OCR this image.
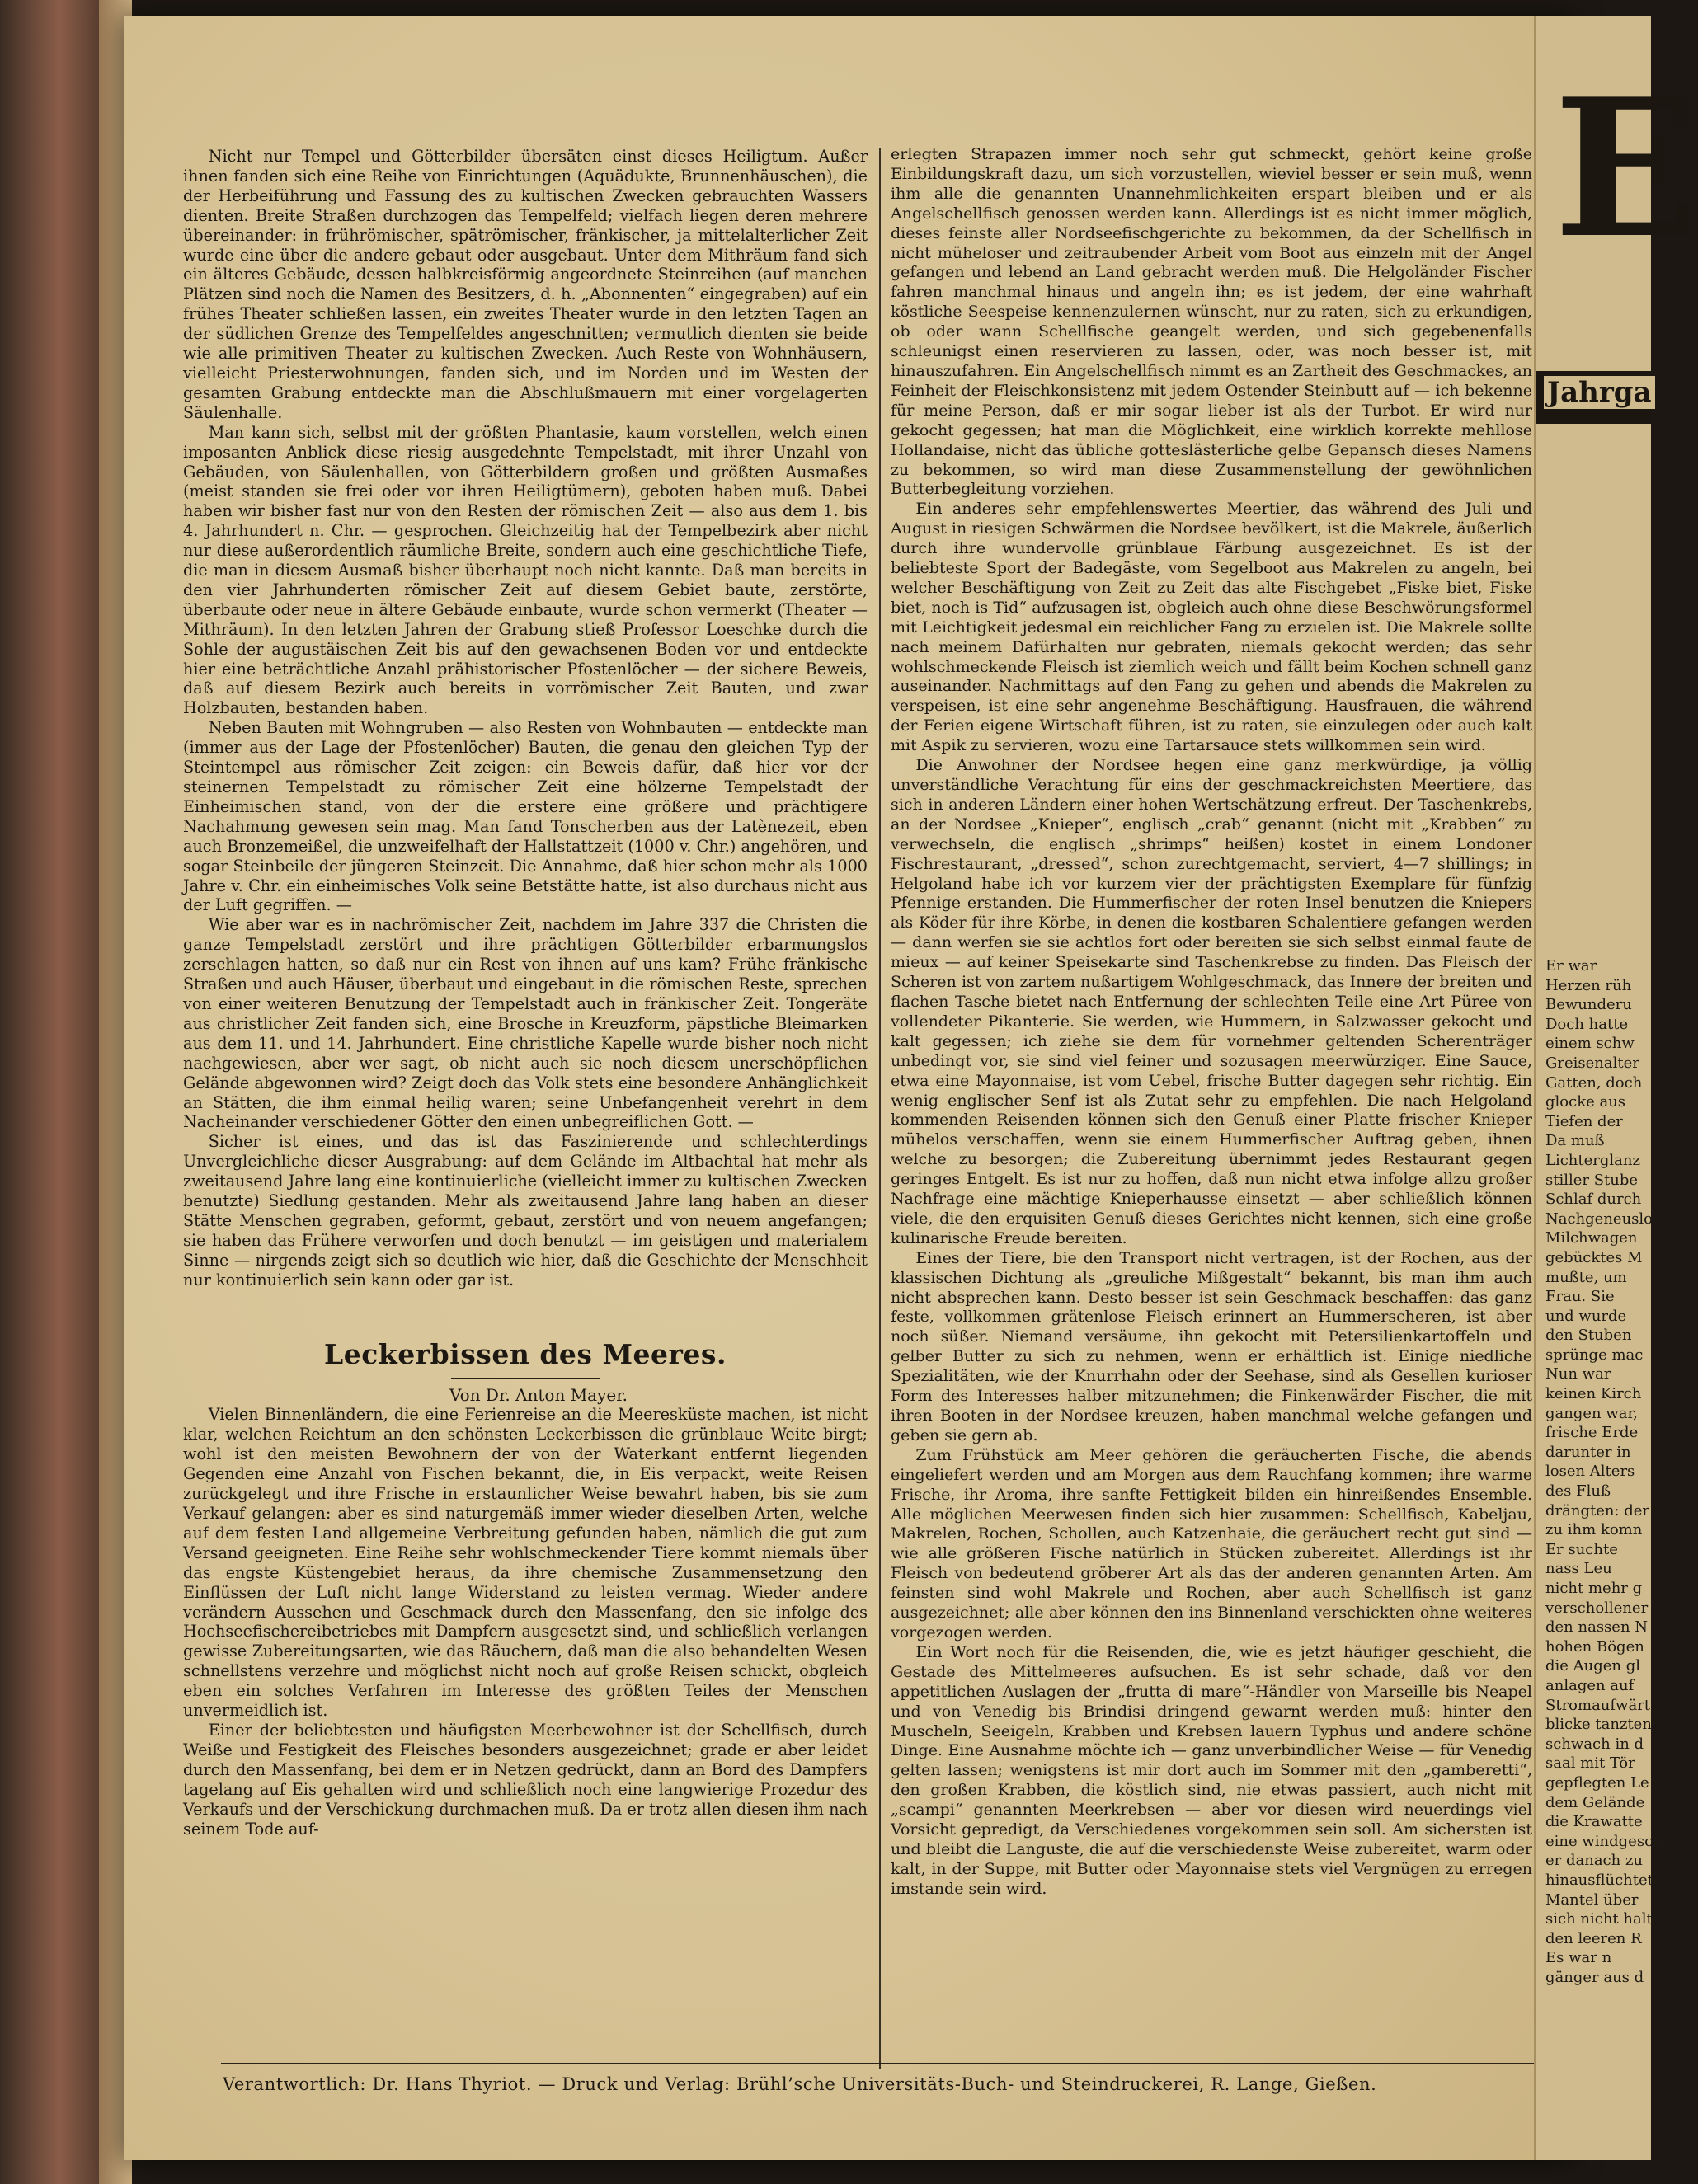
Nicht nur Tempel und Götterbilder übersäten einst dieses Heiligtum. Außer ihnen fanden sich eine Reihe von Einrichtungen (Aquädukte, Brunnenhäuschen), die der Herbeiführung und Fassung des zu kultischen Zwecken gebrauchten Wassers dienten. Breite Straßen durchzogen das Tempelfeld; vielfach liegen deren mehrere übereinander: in frührömischer, spätrömischer, fränkischer, ja mittelalterlicher Zeit wurde eine über die andere gebaut oder ausgebaut. Unter dem Mithräum fand sich ein älteres Gebäude, dessen halbkreisförmig angeordnete Steinreihen (auf manchen Plätzen sind noch die Namen des Besitzers, d. h. „Abonnenten“ eingegraben) auf ein frühes Theater schließen lassen, ein zweites Theater wurde in den letzten Tagen an der südlichen Grenze des Tempelfeldes angeschnitten; vermutlich dienten sie beide wie alle primitiven Theater zu kultischen Zwecken. Auch Reste von Wohnhäusern, vielleicht Priesterwohnungen, fanden sich, und im Norden und im Westen der gesamten Grabung entdeckte man die Abschlußmauern mit einer vorgelagerten Säulenhalle.

Man kann sich, selbst mit der größten Phantasie, kaum vorstellen, welch einen imposanten Anblick diese riesig ausgedehnte Tempelstadt, mit ihrer Unzahl von Gebäuden, von Säulenhallen, von Götterbildern großen und größten Ausmaßes (meist standen sie frei oder vor ihren Heiligtümern), geboten haben muß. Dabei haben wir bisher fast nur von den Resten der römischen Zeit — also aus dem 1. bis 4. Jahrhundert n. Chr. — gesprochen. Gleichzeitig hat der Tempelbezirk aber nicht nur diese außerordentlich räumliche Breite, sondern auch eine geschichtliche Tiefe, die man in diesem Ausmaß bisher überhaupt noch nicht kannte. Daß man bereits in den vier Jahrhunderten römischer Zeit auf diesem Gebiet baute, zerstörte, überbaute oder neue in ältere Gebäude einbaute, wurde schon vermerkt (Theater — Mithräum). In den letzten Jahren der Grabung stieß Professor Loeschke durch die Sohle der augustäischen Zeit bis auf den gewachsenen Boden vor und entdeckte hier eine beträchtliche Anzahl prähistorischer Pfostenlöcher — der sichere Beweis, daß auf diesem Bezirk auch bereits in vorrömischer Zeit Bauten, und zwar Holzbauten, bestanden haben.

Neben Bauten mit Wohngruben — also Resten von Wohnbauten — entdeckte man (immer aus der Lage der Pfostenlöcher) Bauten, die genau den gleichen Typ der Steintempel aus römischer Zeit zeigen: ein Beweis dafür, daß hier vor der steinernen Tempelstadt zu römischer Zeit eine hölzerne Tempelstadt der Einheimischen stand, von der die erstere eine größere und prächtigere Nachahmung gewesen sein mag. Man fand Tonscherben aus der Latènezeit, eben auch Bronzemeißel, die unzweifelhaft der Hallstattzeit (1000 v. Chr.) angehören, und sogar Steinbeile der jüngeren Steinzeit. Die Annahme, daß hier schon mehr als 1000 Jahre v. Chr. ein einheimisches Volk seine Betstätte hatte, ist also durchaus nicht aus der Luft gegriffen. —

Wie aber war es in nachrömischer Zeit, nachdem im Jahre 337 die Christen die ganze Tempelstadt zerstört und ihre prächtigen Götterbilder erbarmungslos zerschlagen hatten, so daß nur ein Rest von ihnen auf uns kam? Frühe fränkische Straßen und auch Häuser, überbaut und eingebaut in die römischen Reste, sprechen von einer weiteren Benutzung der Tempelstadt auch in fränkischer Zeit. Tongeräte aus christlicher Zeit fanden sich, eine Brosche in Kreuzform, päpstliche Bleimarken aus dem 11. und 14. Jahrhundert. Eine christliche Kapelle wurde bisher noch nicht nachgewiesen, aber wer sagt, ob nicht auch sie noch diesem unerschöpflichen Gelände abgewonnen wird? Zeigt doch das Volk stets eine besondere Anhänglichkeit an Stätten, die ihm einmal heilig waren; seine Unbefangenheit verehrt in dem Nacheinander verschiedener Götter den einen unbegreiflichen Gott. —

Sicher ist eines, und das ist das Faszinierende und schlechterdings Unvergleichliche dieser Ausgrabung: auf dem Gelände im Altbachtal hat mehr als zweitausend Jahre lang eine kontinuierliche (vielleicht immer zu kultischen Zwecken benutzte) Siedlung gestanden. Mehr als zweitausend Jahre lang haben an dieser Stätte Menschen gegraben, geformt, gebaut, zerstört und von neuem angefangen; sie haben das Frühere verworfen und doch benutzt — im geistigen und materialem Sinne — nirgends zeigt sich so deutlich wie hier, daß die Geschichte der Menschheit nur kontinuierlich sein kann oder gar ist.

Leckerbissen des Meeres.

Von Dr. Anton Mayer.

Vielen Binnenländern, die eine Ferienreise an die Meeresküste machen, ist nicht klar, welchen Reichtum an den schönsten Leckerbissen die grünblaue Weite birgt; wohl ist den meisten Bewohnern der von der Waterkant entfernt liegenden Gegenden eine Anzahl von Fischen bekannt, die, in Eis verpackt, weite Reisen zurückgelegt und ihre Frische in erstaunlicher Weise bewahrt haben, bis sie zum Verkauf gelangen: aber es sind naturgemäß immer wieder dieselben Arten, welche auf dem festen Land allgemeine Verbreitung gefunden haben, nämlich die gut zum Versand geeigneten. Eine Reihe sehr wohlschmeckender Tiere kommt niemals über das engste Küstengebiet heraus, da ihre chemische Zusammensetzung den Einflüssen der Luft nicht lange Widerstand zu leisten vermag. Wieder andere verändern Aussehen und Geschmack durch den Massenfang, den sie infolge des Hochseefischereibetriebes mit Dampfern ausgesetzt sind, und schließlich verlangen gewisse Zubereitungsarten, wie das Räuchern, daß man die also behandelten Wesen schnellstens verzehre und möglichst nicht noch auf große Reisen schickt, obgleich eben ein solches Verfahren im Interesse des größten Teiles der Menschen unvermeidlich ist.

Einer der beliebtesten und häufigsten Meerbewohner ist der Schellfisch, durch Weiße und Festigkeit des Fleisches besonders ausgezeichnet; grade er aber leidet durch den Massenfang, bei dem er in Netzen gedrückt, dann an Bord des Dampfers tagelang auf Eis gehalten wird und schließlich noch eine langwierige Prozedur des Verkaufs und der Verschickung durchmachen muß. Da er trotz allen diesen ihm nach seinem Tode auf-

erlegten Strapazen immer noch sehr gut schmeckt, gehört keine große Einbildungskraft dazu, um sich vorzustellen, wieviel besser er sein muß, wenn ihm alle die genannten Unannehmlichkeiten erspart bleiben und er als Angelschellfisch genossen werden kann. Allerdings ist es nicht immer möglich, dieses feinste aller Nordseefischgerichte zu bekommen, da der Schellfisch in nicht müheloser und zeitraubender Arbeit vom Boot aus einzeln mit der Angel gefangen und lebend an Land gebracht werden muß. Die Helgoländer Fischer fahren manchmal hinaus und angeln ihn; es ist jedem, der eine wahrhaft köstliche Seespeise kennenzulernen wünscht, nur zu raten, sich zu erkundigen, ob oder wann Schellfische geangelt werden, und sich gegebenenfalls schleunigst einen reservieren zu lassen, oder, was noch besser ist, mit hinauszufahren. Ein Angelschellfisch nimmt es an Zartheit des Geschmackes, an Feinheit der Fleischkonsistenz mit jedem Ostender Steinbutt auf — ich bekenne für meine Person, daß er mir sogar lieber ist als der Turbot. Er wird nur gekocht gegessen; hat man die Möglichkeit, eine wirklich korrekte mehllose Hollandaise, nicht das übliche gotteslästerliche gelbe Gepansch dieses Namens zu bekommen, so wird man diese Zusammenstellung der gewöhnlichen Butterbegleitung vorziehen.

Ein anderes sehr empfehlenswertes Meertier, das während des Juli und August in riesigen Schwärmen die Nordsee bevölkert, ist die Makrele, äußerlich durch ihre wundervolle grünblaue Färbung ausgezeichnet. Es ist der beliebteste Sport der Badegäste, vom Segelboot aus Makrelen zu angeln, bei welcher Beschäftigung von Zeit zu Zeit das alte Fischgebet „Fiske biet, Fiske biet, noch is Tid“ aufzusagen ist, obgleich auch ohne diese Beschwörungsformel mit Leichtigkeit jedesmal ein reichlicher Fang zu erzielen ist. Die Makrele sollte nach meinem Dafürhalten nur gebraten, niemals gekocht werden; das sehr wohlschmeckende Fleisch ist ziemlich weich und fällt beim Kochen schnell ganz auseinander. Nachmittags auf den Fang zu gehen und abends die Makrelen zu verspeisen, ist eine sehr angenehme Beschäftigung. Hausfrauen, die während der Ferien eigene Wirtschaft führen, ist zu raten, sie einzulegen oder auch kalt mit Aspik zu servieren, wozu eine Tartarsauce stets willkommen sein wird.

Die Anwohner der Nordsee hegen eine ganz merkwürdige, ja völlig unverständliche Verachtung für eins der geschmackreichsten Meertiere, das sich in anderen Ländern einer hohen Wertschätzung erfreut. Der Taschenkrebs, an der Nordsee „Knieper“, englisch „crab“ genannt (nicht mit „Krabben“ zu verwechseln, die englisch „shrimps“ heißen) kostet in einem Londoner Fischrestaurant, „dressed“, schon zurechtgemacht, serviert, 4—7 shillings; in Helgoland habe ich vor kurzem vier der prächtigsten Exemplare für fünfzig Pfennige erstanden. Die Hummerfischer der roten Insel benutzen die Kniepers als Köder für ihre Körbe, in denen die kostbaren Schalentiere gefangen werden — dann werfen sie sie achtlos fort oder bereiten sie sich selbst einmal faute de mieux — auf keiner Speisekarte sind Taschenkrebse zu finden. Das Fleisch der Scheren ist von zartem nußartigem Wohlgeschmack, das Innere der breiten und flachen Tasche bietet nach Entfernung der schlechten Teile eine Art Püree von vollendeter Pikanterie. Sie werden, wie Hummern, in Salzwasser gekocht und kalt gegessen; ich ziehe sie dem für vornehmer geltenden Scherenträger unbedingt vor, sie sind viel feiner und sozusagen meerwürziger. Eine Sauce, etwa eine Mayonnaise, ist vom Uebel, frische Butter dagegen sehr richtig. Ein wenig englischer Senf ist als Zutat sehr zu empfehlen. Die nach Helgoland kommenden Reisenden können sich den Genuß einer Platte frischer Knieper mühelos verschaffen, wenn sie einem Hummerfischer Auftrag geben, ihnen welche zu besorgen; die Zubereitung übernimmt jedes Restaurant gegen geringes Entgelt. Es ist nur zu hoffen, daß nun nicht etwa infolge allzu großer Nachfrage eine mächtige Knieperhausse einsetzt — aber schließlich können viele, die den erquisiten Genuß dieses Gerichtes nicht kennen, sich eine große kulinarische Freude bereiten.

Eines der Tiere, bie den Transport nicht vertragen, ist der Rochen, aus der klassischen Dichtung als „greuliche Mißgestalt“ bekannt, bis man ihm auch nicht absprechen kann. Desto besser ist sein Geschmack beschaffen: das ganz feste, vollkommen grätenlose Fleisch erinnert an Hummerscheren, ist aber noch süßer. Niemand versäume, ihn gekocht mit Petersilienkartoffeln und gelber Butter zu sich zu nehmen, wenn er erhältlich ist. Einige niedliche Spezialitäten, wie der Knurrhahn oder der Seehase, sind als Gesellen kurioser Form des Interesses halber mitzunehmen; die Finkenwärder Fischer, die mit ihren Booten in der Nordsee kreuzen, haben manchmal welche gefangen und geben sie gern ab.

Zum Frühstück am Meer gehören die geräucherten Fische, die abends eingeliefert werden und am Morgen aus dem Rauchfang kommen; ihre warme Frische, ihr Aroma, ihre sanfte Fettigkeit bilden ein hinreißendes Ensemble. Alle möglichen Meerwesen finden sich hier zusammen: Schellfisch, Kabeljau, Makrelen, Rochen, Schollen, auch Katzenhaie, die geräuchert recht gut sind — wie alle größeren Fische natürlich in Stücken zubereitet. Allerdings ist ihr Fleisch von bedeutend gröberer Art als das der anderen genannten Arten. Am feinsten sind wohl Makrele und Rochen, aber auch Schellfisch ist ganz ausgezeichnet; alle aber können den ins Binnenland verschickten ohne weiteres vorgezogen werden.

Ein Wort noch für die Reisenden, die, wie es jetzt häufiger geschieht, die Gestade des Mittelmeeres aufsuchen. Es ist sehr schade, daß vor den appetitlichen Auslagen der „frutta di mare“-Händler von Marseille bis Neapel und von Venedig bis Brindisi dringend gewarnt werden muß: hinter den Muscheln, Seeigeln, Krabben und Krebsen lauern Typhus und andere schöne Dinge. Eine Ausnahme möchte ich — ganz unverbindlicher Weise — für Venedig gelten lassen; wenigstens ist mir dort auch im Sommer mit den „gamberetti“, den großen Krabben, die köstlich sind, nie etwas passiert, auch nicht mit „scampi“ genannten Meerkrebsen — aber vor diesen wird neuerdings viel Vorsicht gepredigt, da Verschiedenes vorgekommen sein soll. Am sichersten ist und bleibt die Languste, die auf die verschiedenste Weise zubereitet, warm oder kalt, in der Suppe, mit Butter oder Mayonnaise stets viel Vergnügen zu erregen imstande sein wird.

Verantwortlich: Dr. Hans Thyriot. — Druck und Verlag: Brühl’sche Universitäts-Buch- und Steindruckerei, R. Lange, Gießen.
E
Jahrga
Er war
Herzen rüh
Bewunderu
Doch hatte
einem schw
Greisenalter
Gatten, doch
glocke aus
Tiefen der
Da muß
Lichterglanz
stiller Stube
Schlaf durch
Nachgeneuslo
Milchwagen
gebücktes M
mußte, um
Frau. Sie
und wurde
den Stuben
sprünge mac
Nun war
keinen Kirch
gangen war,
frische Erde
darunter in
losen Alters
des Fluß
drängten: der
zu ihm komn
Er suchte
nass Leu
nicht mehr g
verschollener
den nassen N
hohen Bögen
die Augen gl
anlagen auf
Stromaufwärt
blicke tanzten
schwach in d
saal mit Tör
gepflegten Le
dem Gelände
die Krawatte
eine windgesch
er danach zu
hinausflüchtete
Mantel über
sich nicht halte
den leeren R
Es war n
gänger aus d
